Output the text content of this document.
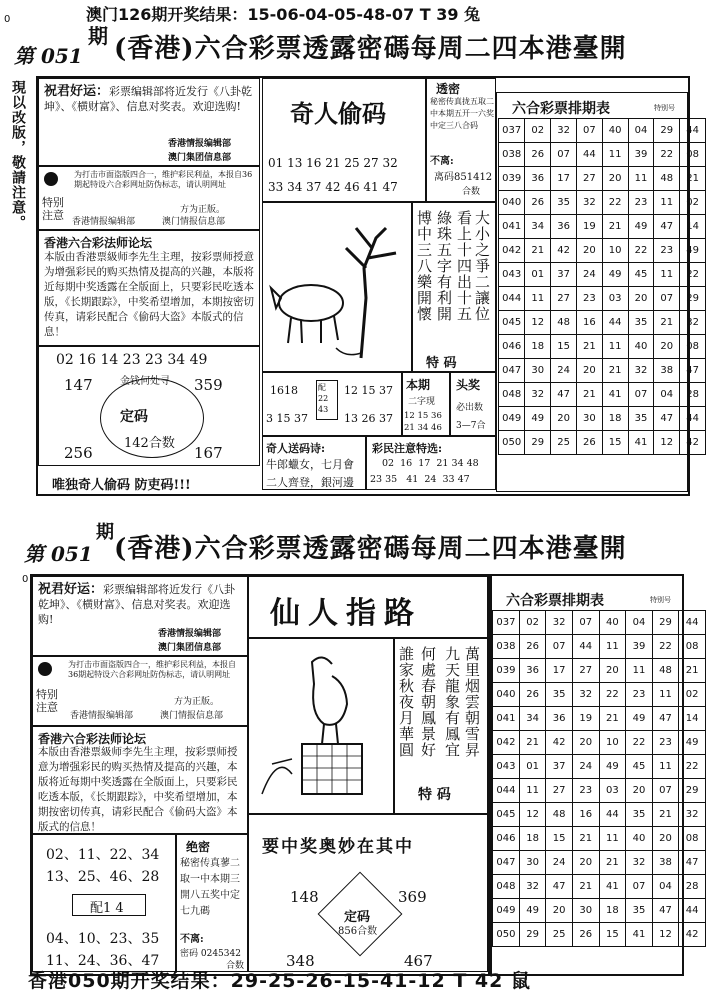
0	澳门126期开奖结果：15-06-04-05-48-07 T 39 兔
第 051
期 (香港)六合彩票透露密碼每周二四本港臺開
現以改版，敬請注意。 祝君好运：彩票编辑部将近发行《八卦乾坤》、《横财富》、信息对奖表。欢迎选购!
香港情报编辑部
澳门集团信息部
特别注意
为打击市面盗版四合一，维护彩民利益，本报自36期起特设六合彩网址防伪标志，请认明网址
方为正版。
香港情报编辑部	澳门情报信息部
香港六合彩法师论坛
本版由香港票級师李先生主理，按彩票师授意为增强彩民的购买热情及提高的兴趣，本版将近每期中奖透露在全版面上，只要彩民吃透本版，《长期跟踪》，中奖希望增加，本期按密切传真，请彩民配合《偷码大盗》本版式的信息！
02 16 14 23 23 34 49
147	359
金钱何处寻
定码
142合数
256	167
唯独奇人偷码 防吏码!!!
奇人偷码
01 13 16 21 25 27 32
33 34 37 42 46 41 47
透密
秘密传真拢五取二中本期五开一六奖中定三八合码
不离:
离码851412
合数
大小之爭二讓位
看上十四出十五
綠珠五字有利開
博中三八樂開懷
特 码
1618
3 15 37
配22 43
12 15 37
13 26 37
本期
二字现
12 15 36
21 34 46
头奖
必出数
3—7合
奇人送码诗:
牛郎蠟女，七月會
二人齊登，銀河邊
彩民注意特选:
02  16  17  21 34 48
23 35   41  24  33 47
六合彩票排期表	特别号
037	02	32	07	40	04	29	44
038	26	07	44	11	39	22	08
039	36	17	27	20	11	48	21
040	26	35	32	22	23	11	02
041	34	36	19	21	49	47	14
042	21	42	20	10	22	23	49
043	01	37	24	49	45	11	22
044	11	27	23	03	20	07	29
045	12	48	16	44	35	21	32
046	18	15	21	11	40	20	08
047	30	24	20	21	32	38	47
048	32	47	21	41	07	04	28
049	49	20	30	18	35	47	44
050	29	25	26	15	41	12	42
第 051
期
(香港)六合彩票透露密碼每周二四本港臺開
0
祝君好运：彩票编辑部将近发行《八卦乾坤》、《横财富》、信息对奖表。欢迎选购!
香港情报编辑部
澳门集团信息部
特别注意
为打击市面盗版四合一，维护彩民利益，本报自36期起特设六合彩网址防伪标志，请认明网址
方为正版。
香港情报编辑部	澳门情报信息部
香港六合彩法师论坛
本版由香港票級师李先生主理，按彩票师授意为增强彩民的购买热情及提高的兴趣，本版将近每期中奖透露在全版面上，只要彩民吃透本版，《长期跟踪》，中奖希望增加，本期按密切传真，请彩民配合《偷码大盗》本版式的信息！
02、11、22、34
13、25、46、28
配1 4
04、10、23、35
11、24、36、47
绝密
秘密传真蓼二取一中本期三開八五奖中定七九碼
不离:
密码 0245342
合数
仙人指路
萬里烟雲朝雪昇
九天龍象有鳳宜
何處春朝鳳景好
誰家秋夜月華圓
特 码
要中奖奥妙在其中
148	369
定码
856合数
348	467
六合彩票排期表	特别号
037	02	32	07	40	04	29	44
038	26	07	44	11	39	22	08
039	36	17	27	20	11	48	21
040	26	35	32	22	23	11	02
041	34	36	19	21	49	47	14
042	21	42	20	10	22	23	49
043	01	37	24	49	45	11	22
044	11	27	23	03	20	07	29
045	12	48	16	44	35	21	32
046	18	15	21	11	40	20	08
047	30	24	20	21	32	38	47
048	32	47	21	41	07	04	28
049	49	20	30	18	35	47	44
050	29	25	26	15	41	12	42
香港050期开奖结果：29-25-26-15-41-12 T 42 鼠
